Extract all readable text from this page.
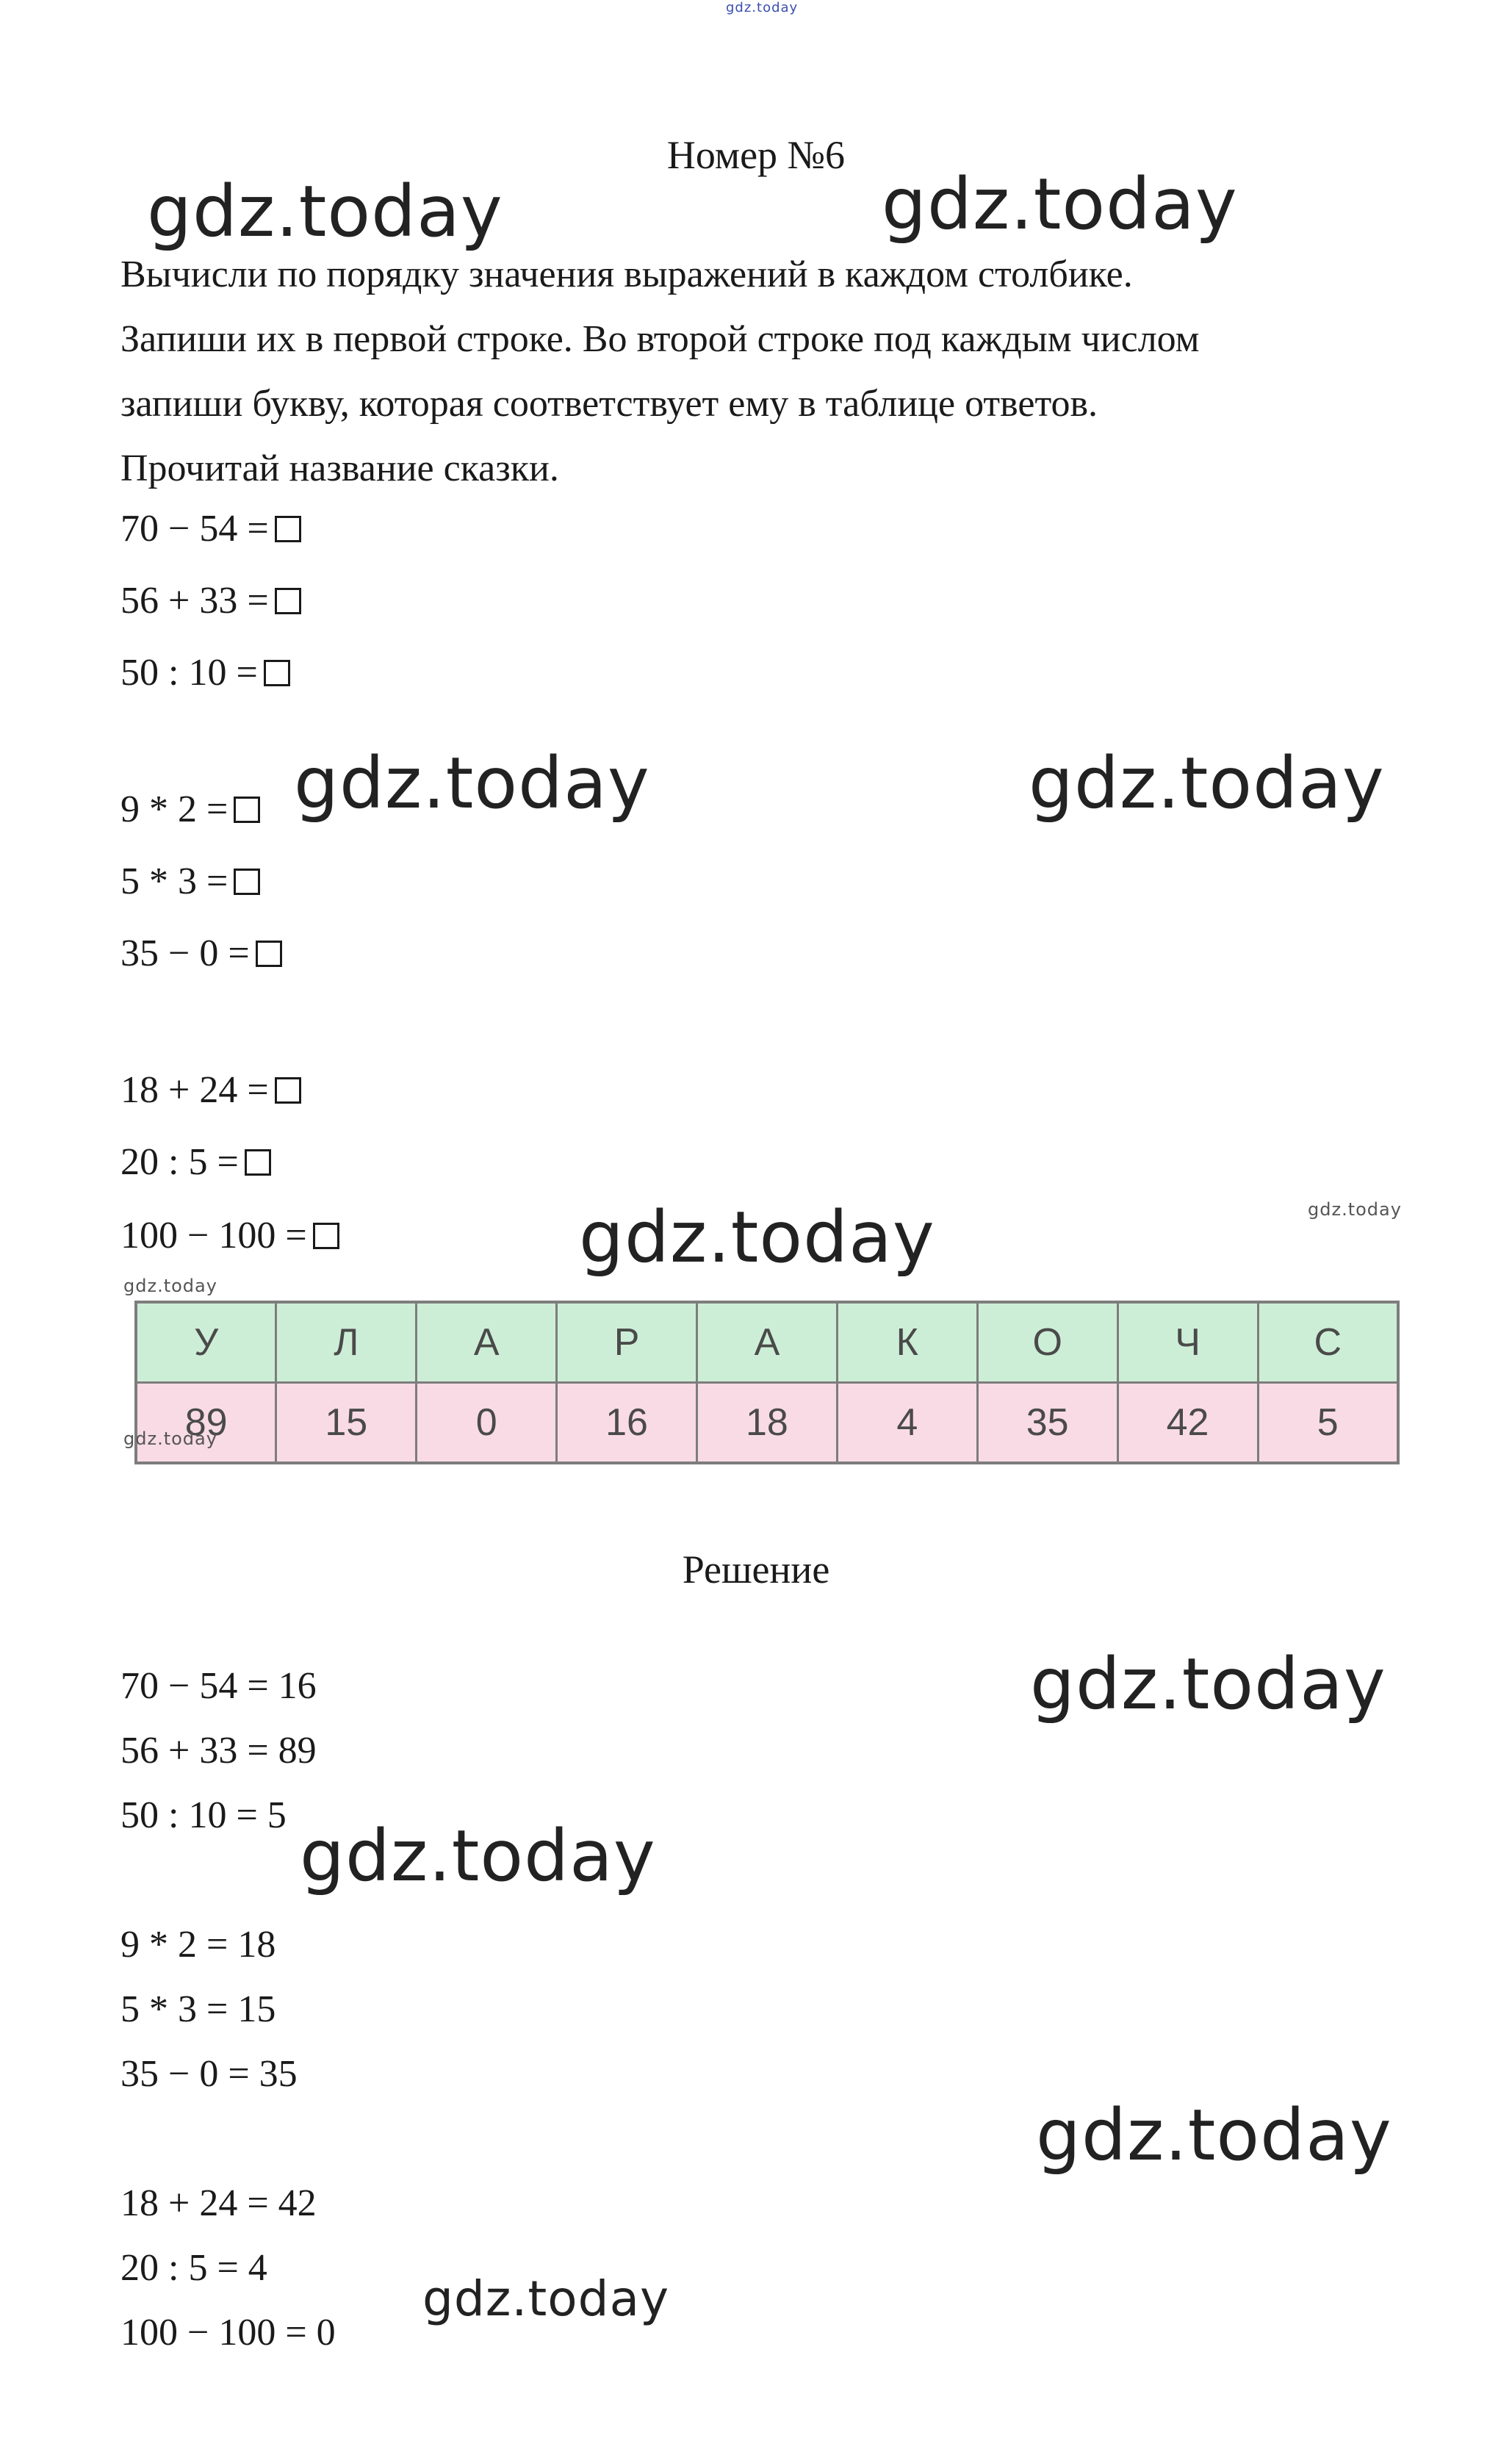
gdz.today
Номер №6

Вычисли по порядку значения выражений в каждом столбике.

Запиши их в первой строке. Во второй строке под каждым числом

запиши букву, которая соответствует ему в таблице ответов.

Прочитай название сказки.

70 − 54 =
56 + 33 =
50 : 10 =
9 * 2 =
5 * 3 =
35 − 0 =
18 + 24 =
20 : 5 =
100 − 100 =
У	Л	А	Р	А	К	О	Ч	С
89	15	0	16	18	4	35	42	5
Решение
70 − 54 = 16
56 + 33 = 89
50 : 10 = 5
9 * 2 = 18
5 * 3 = 15
35 − 0 = 35
18 + 24 = 42
20 : 5 = 4
100 − 100 = 0
gdz.today	gdz.today
gdz.today	gdz.today
gdz.today	gdz.today
gdz.today
gdz.today
gdz.today
gdz.today
gdz.today
gdz.today
